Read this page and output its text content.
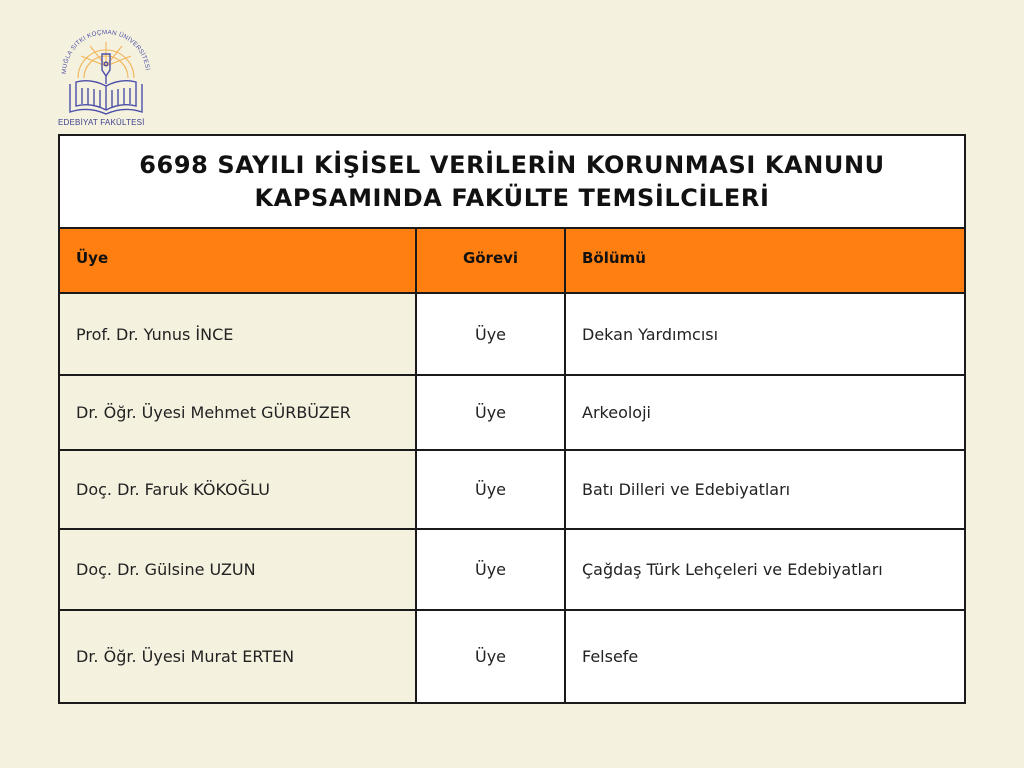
MUĞLA SITKI KOÇMAN ÜNİVERSİTESİ
EDEBİYAT FAKÜLTESİ
6698 SAYILI KİŞİSEL VERİLERİN KORUNMASI KANUNU
KAPSAMINDA FAKÜLTE TEMSİLCİLERİ
Üye	Görevi	Bölümü
Prof. Dr. Yunus İNCE	Üye	Dekan Yardımcısı
Dr. Öğr. Üyesi Mehmet GÜRBÜZER	Üye	Arkeoloji
Doç. Dr. Faruk KÖKOĞLU	Üye	Batı Dilleri ve Edebiyatları
Doç. Dr. Gülsine UZUN	Üye	Çağdaş Türk Lehçeleri ve Edebiyatları
Dr. Öğr. Üyesi Murat ERTEN	Üye	Felsefe
